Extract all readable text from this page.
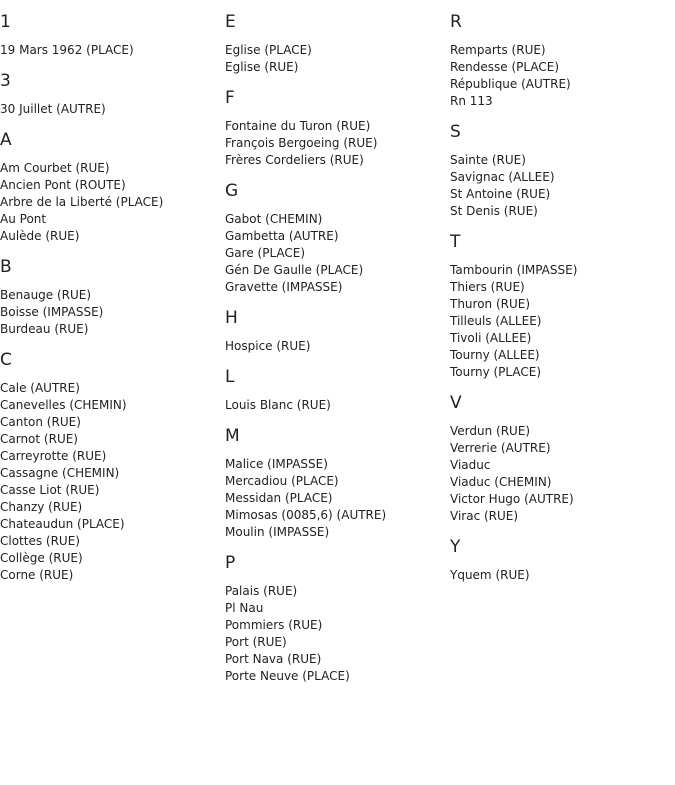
1
19 Mars 1962 (PLACE)
3
30 Juillet (AUTRE)
A
Am Courbet (RUE)
Ancien Pont (ROUTE)
Arbre de la Liberté (PLACE)
Au Pont
Aulède (RUE)
B
Benauge (RUE)
Boisse (IMPASSE)
Burdeau (RUE)
C
Cale (AUTRE)
Canevelles (CHEMIN)
Canton (RUE)
Carnot (RUE)
Carreyrotte (RUE)
Cassagne (CHEMIN)
Casse Liot (RUE)
Chanzy (RUE)
Chateaudun (PLACE)
Clottes (RUE)
Collège (RUE)
Corne (RUE)
E
Eglise (PLACE)
Eglise (RUE)
F
Fontaine du Turon (RUE)
François Bergoeing (RUE)
Frères Cordeliers (RUE)
G
Gabot (CHEMIN)
Gambetta (AUTRE)
Gare (PLACE)
Gén De Gaulle (PLACE)
Gravette (IMPASSE)
H
Hospice (RUE)
L
Louis Blanc (RUE)
M
Malice (IMPASSE)
Mercadiou (PLACE)
Messidan (PLACE)
Mimosas (0085,6) (AUTRE)
Moulin (IMPASSE)
P
Palais (RUE)
Pl Nau
Pommiers (RUE)
Port (RUE)
Port Nava (RUE)
Porte Neuve (PLACE)
R
Remparts (RUE)
Rendesse (PLACE)
République (AUTRE)
Rn 113
S
Sainte (RUE)
Savignac (ALLEE)
St Antoine (RUE)
St Denis (RUE)
T
Tambourin (IMPASSE)
Thiers (RUE)
Thuron (RUE)
Tilleuls (ALLEE)
Tivoli (ALLEE)
Tourny (ALLEE)
Tourny (PLACE)
V
Verdun (RUE)
Verrerie (AUTRE)
Viaduc
Viaduc (CHEMIN)
Victor Hugo (AUTRE)
Virac (RUE)
Y
Yquem (RUE)
